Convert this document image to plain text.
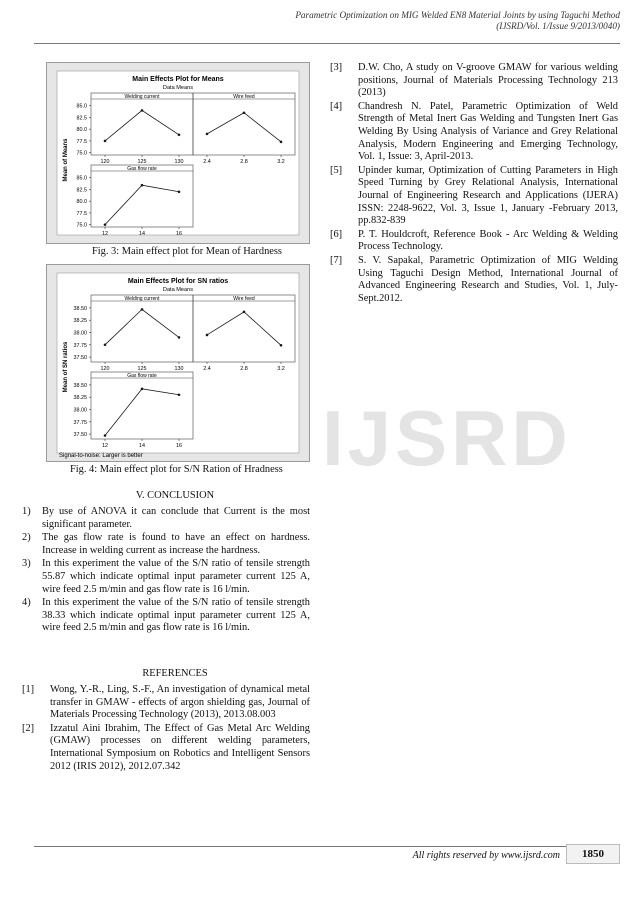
Parametric Optimization on MIG Welded EN8 Material Joints by using Taguchi Method
(IJSRD/Vol. 1/Issue 9/2013/0040)
Main Effects Plot for Means
Data Means
85.0
82.5
80.0
77.5
75.0
Welding current
120	125	130
Wire feed
2.4	2.8	3.2
85.0
82.5
80.0
77.5
75.0
Gas flow rate
12	14	16
Mean of Means
Fig. 3: Main effect plot for Mean of Hardness
Main Effects Plot for SN ratios
Data Means
38.50
38.25
38.00
37.75
37.50
Welding current
120	125	130
Wire feed
2.4	2.8	3.2
38.50
38.25
38.00
37.75
37.50
Gas flow rate
12	14	16
Mean of SN ratios
Signal-to-noise: Larger is better
Fig. 4: Main effect plot for S/N Ration of Hradness IJSRD
V. CONCLUSION
1) By use of ANOVA it can conclude that Current is the most significant parameter.
2) The gas flow rate is found to have an effect on hardness. Increase in welding current as increase the hardness.
3) In this experiment the value of the S/N ratio of tensile strength 55.87 which indicate optimal input parameter current 125 A, wire feed 2.5 m/min and gas flow rate is 16 l/min.
4) In this experiment the value of the S/N ratio of tensile strength 38.33 which indicate optimal input parameter current 125 A, wire feed 2.5 m/min and gas flow rate is 16 l/min.
REFERENCES
[1] Wong, Y.-R., Ling, S.-F., An investigation of dynamical metal transfer in GMAW - effects of argon shielding gas, Journal of Materials Processing Technology (2013), 2013.08.003
[2] Izzatul Aini Ibrahim, The Effect of Gas Metal Arc Welding (GMAW) processes on different welding parameters, International Symposium on Robotics and Intelligent Sensors 2012 (IRIS 2012), 2012.07.342
[3] D.W. Cho, A study on V-groove GMAW for various welding positions, Journal of Materials Processing Technology 213 (2013)
[4] Chandresh N. Patel, Parametric Optimization of Weld Strength of Metal Inert Gas Welding and Tungsten Inert Gas Welding By Using Analysis of Variance and Grey Relational Analysis, Modern Engineering and Emerging Technology, Vol. 1, Issue: 3, April-2013.
[5] Upinder kumar, Optimization of Cutting Parameters in High Speed Turning by Grey Relational Analysis, International Journal of Engineering Research and Applications (IJERA) ISSN: 2248-9622, Vol. 3, Issue 1, January -February 2013, pp.832-839
[6] P. T. Houldcroft, Reference Book - Arc Welding & Welding Process Technology.
[7] S. V. Sapakal, Parametric Optimization of MIG Welding Using Taguchi Design Method, International Journal of Advanced Engineering Research and Studies, Vol. 1, July-Sept.2012.
All rights reserved by www.ijsrd.com	1850
